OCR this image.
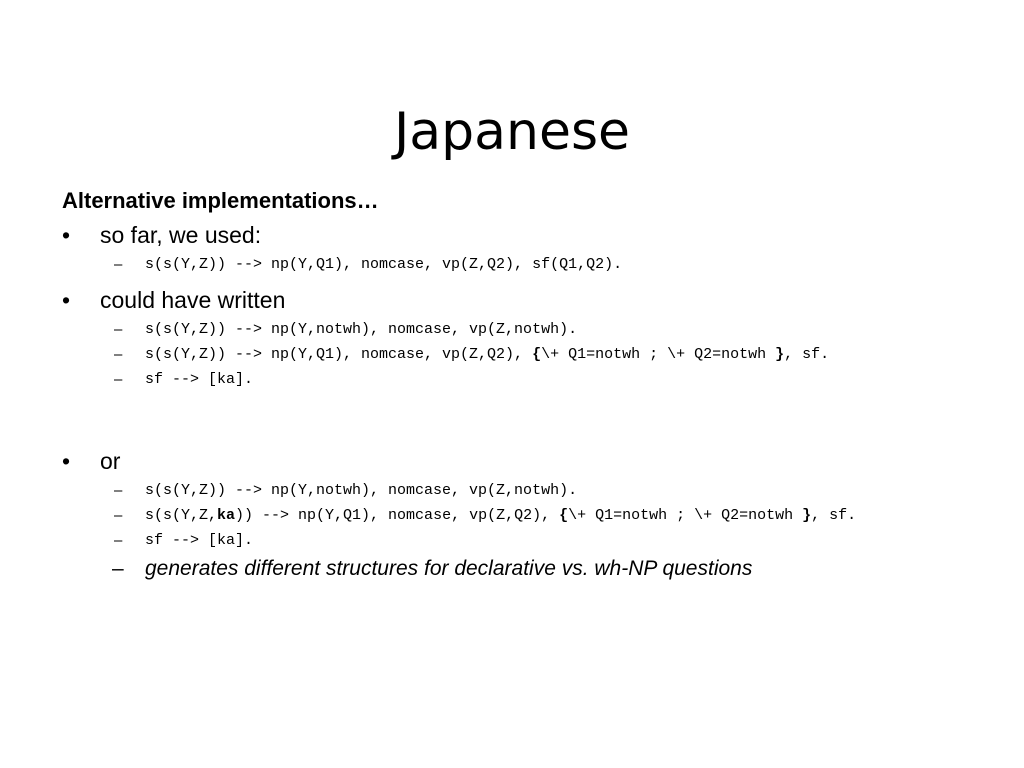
Japanese

Alternative implementations…

• so far, we used:

– s(s(Y,Z)) --> np(Y,Q1), nomcase, vp(Z,Q2), sf(Q1,Q2).

• could have written

– s(s(Y,Z)) --> np(Y,notwh), nomcase, vp(Z,notwh).

– s(s(Y,Z)) --> np(Y,Q1), nomcase, vp(Z,Q2), {\+ Q1=notwh ; \+ Q2=notwh }, sf.

– sf --> [ka].

• or

– s(s(Y,Z)) --> np(Y,notwh), nomcase, vp(Z,notwh).

– s(s(Y,Z,ka)) --> np(Y,Q1), nomcase, vp(Z,Q2), {\+ Q1=notwh ; \+ Q2=notwh }, sf.

– sf --> [ka].

– generates different structures for declarative vs. wh-NP questions
